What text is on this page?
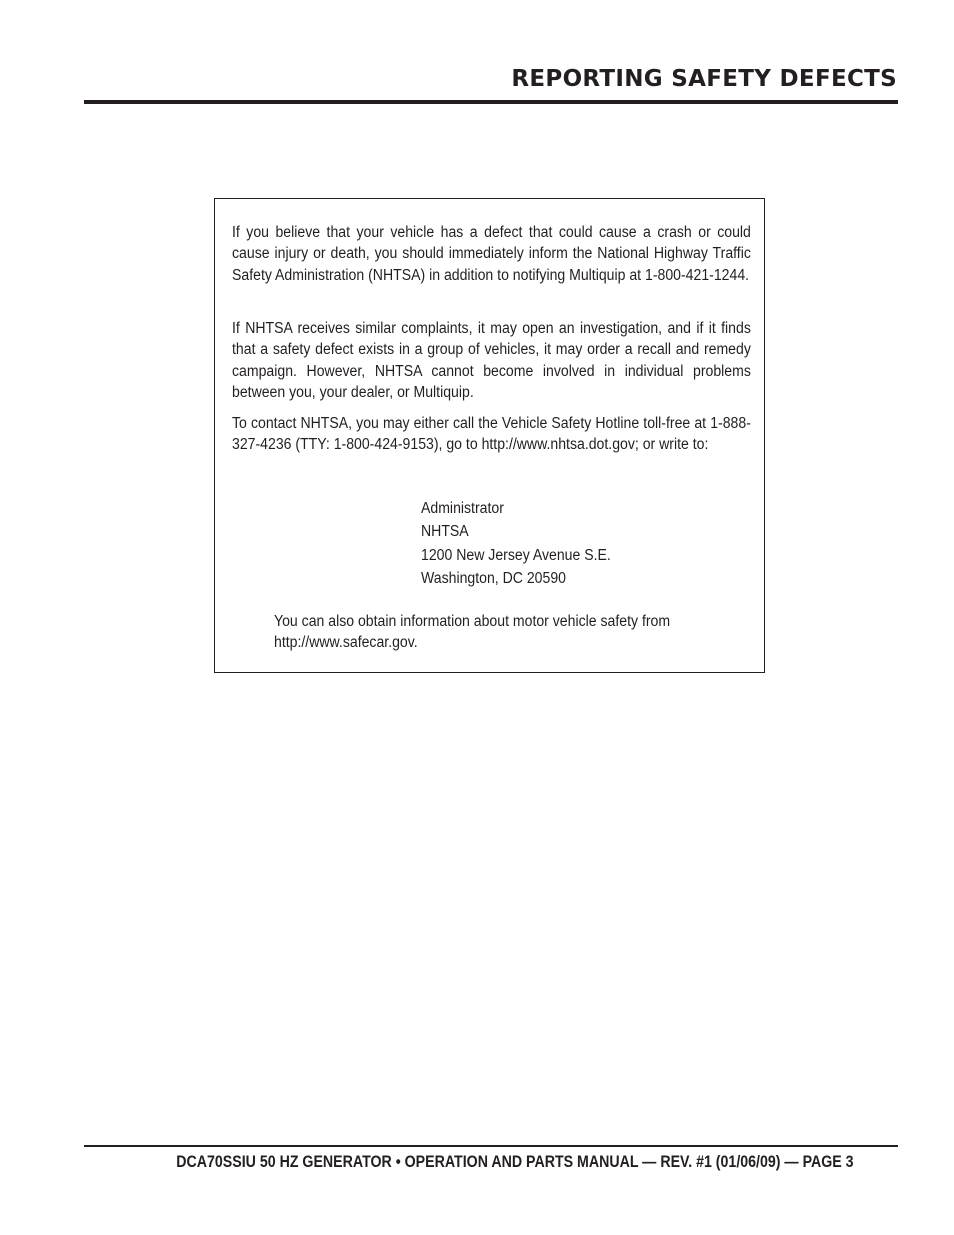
REPORTING SAFETY DEFECTS

If you believe that your vehicle has a defect that could cause a crash or could cause injury or death, you should immediately inform the National Highway Traffic Safety Administration (NHTSA) in addition to notifying Multiquip at 1-800-421-1244.

If NHTSA receives similar complaints, it may open an investigation, and if it finds that a safety defect exists in a group of vehicles, it may order a recall and remedy campaign. However, NHTSA cannot become involved in individual problems between you, your dealer, or Multiquip.

To contact NHTSA, you may either call the Vehicle Safety Hotline toll-free at 1-888-327-4236 (TTY: 1-800-424-9153), go to http://www.nhtsa.dot.gov; or write to:

Administrator
NHTSA
1200 New Jersey Avenue S.E.
Washington, DC 20590
You can also obtain information about motor vehicle safety from
http://www.safecar.gov.
DCA70SSIU 50 HZ GENERATOR • OPERATION AND PARTS MANUAL — REV. #1 (01/06/09) — PAGE 3
